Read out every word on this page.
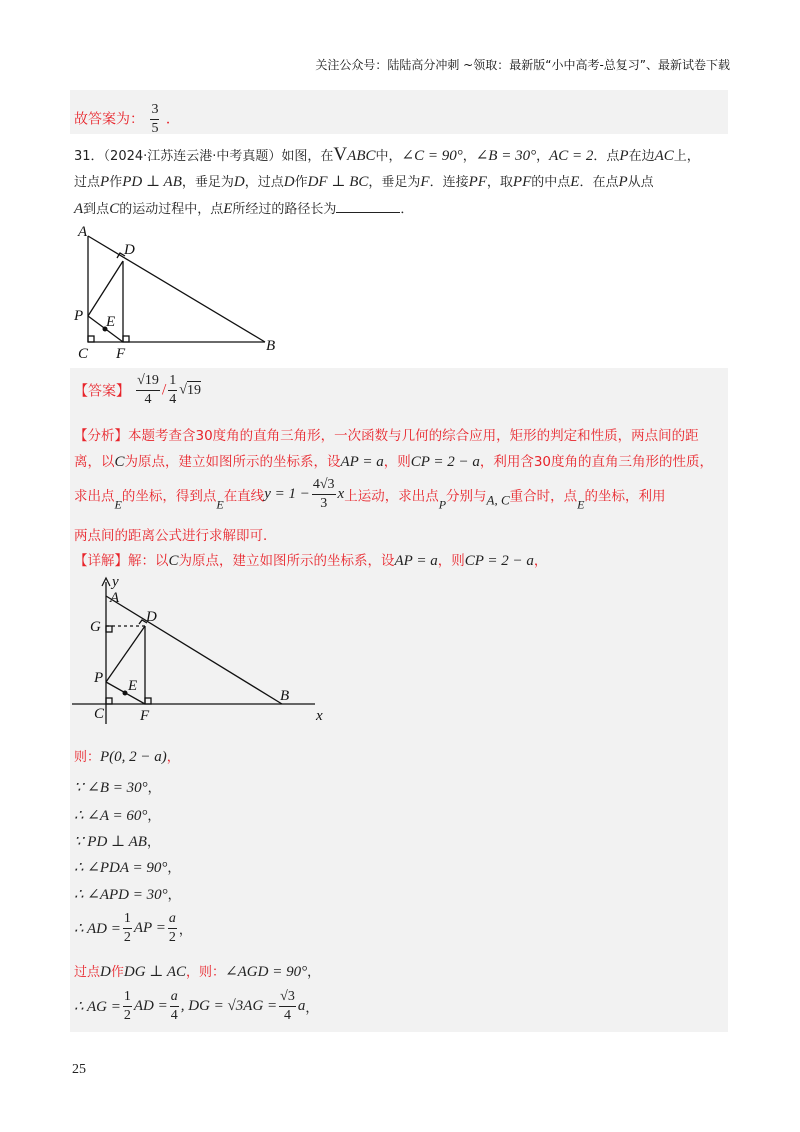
关注公众号：陆陆高分冲刺 ~领取：最新版“小中高考-总复习”、最新试卷下载
故答案为： $\frac{3}{5}$ ．
31．（2024·江苏连云港·中考真题）如图，在VABC中，∠C = 90°，∠B = 30°，AC = 2．点P在边AC上，
过点P作PD ⊥ AB，垂足为D，过点D作DF ⊥ BC，垂足为F．连接PF，取PF的中点E．在点P从点
A到点C的运动过程中，点E所经过的路径长为	．
A
D
P E
C F	B
【答案】 $\frac{√19}{4} / \frac{1}{4} √19$
【分析】本题考查含30度角的直角三角形，一次函数与几何的综合应用，矩形的判定和性质，两点间的距
离，以C为原点，建立如图所示的坐标系，设AP = a，则CP = 2 − a，利用含30度角的直角三角形的性质，
求出点E的坐标，得到点E在直线$y = 1 - \frac{4√3}{3}$ x上运动，求出点P分别与A, C重合时，点E的坐标，利用
两点间的距离公式进行求解即可．
【详解】解：以C为原点，建立如图所示的坐标系，设AP = a，则CP = 2 − a，
y
A
G
D
P E
B
C F	x
则：P(0, 2 − a)，
∵ ∠B = 30°，
∴ ∠A = 60°，
∵ PD ⊥ AB，
∴ ∠PDA = 90°，
∴ ∠APD = 30°，
∴ AD = $\frac{1}{2}$ AP = $\frac{a}{2}$ ，
过点D作DG ⊥ AC，则：∠AGD = 90°，
∴ AG = $\frac{1}{2}$ AD = $\frac{a}{4}$ , DG = $√3AG = \frac{√3}{4}$ a，
25
